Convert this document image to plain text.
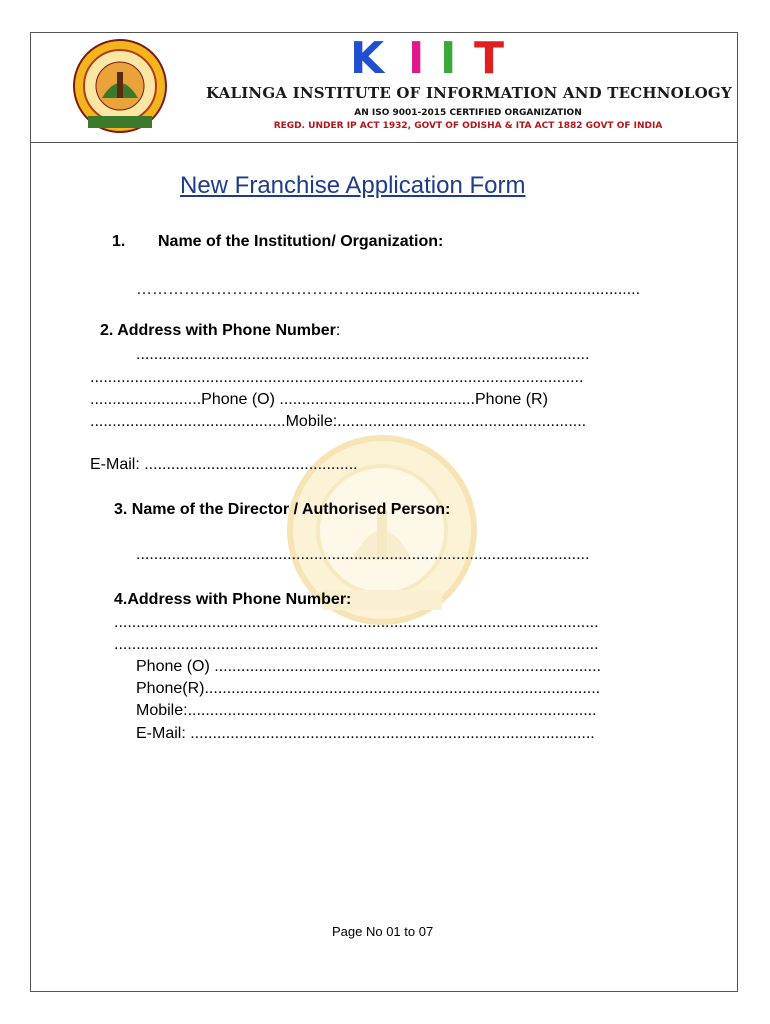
K I I T
KALINGA INSTITUTE OF INFORMATION AND TECHNOLOGY
AN ISO 9001-2015 CERTIFIED ORGANIZATION
REGD. UNDER IP ACT 1932, GOVT OF ODISHA & ITA ACT 1882 GOVT OF INDIA
New Franchise Application Form
1. Name of the Institution/ Organization:
……………………………………...............................................................
2. Address with Phone Number:
......................................................................................................
...............................................................................................................
.........................Phone (O) ............................................Phone (R)
............................................Mobile:........................................................
E-Mail: ................................................
3. Name of the Director / Authorised Person:
......................................................................................................
4.Address with Phone Number:
.............................................................................................................
.............................................................................................................
Phone (O) .......................................................................................
Phone(R).........................................................................................
Mobile:............................................................................................
E-Mail: ...........................................................................................
Page No 01 to 07
